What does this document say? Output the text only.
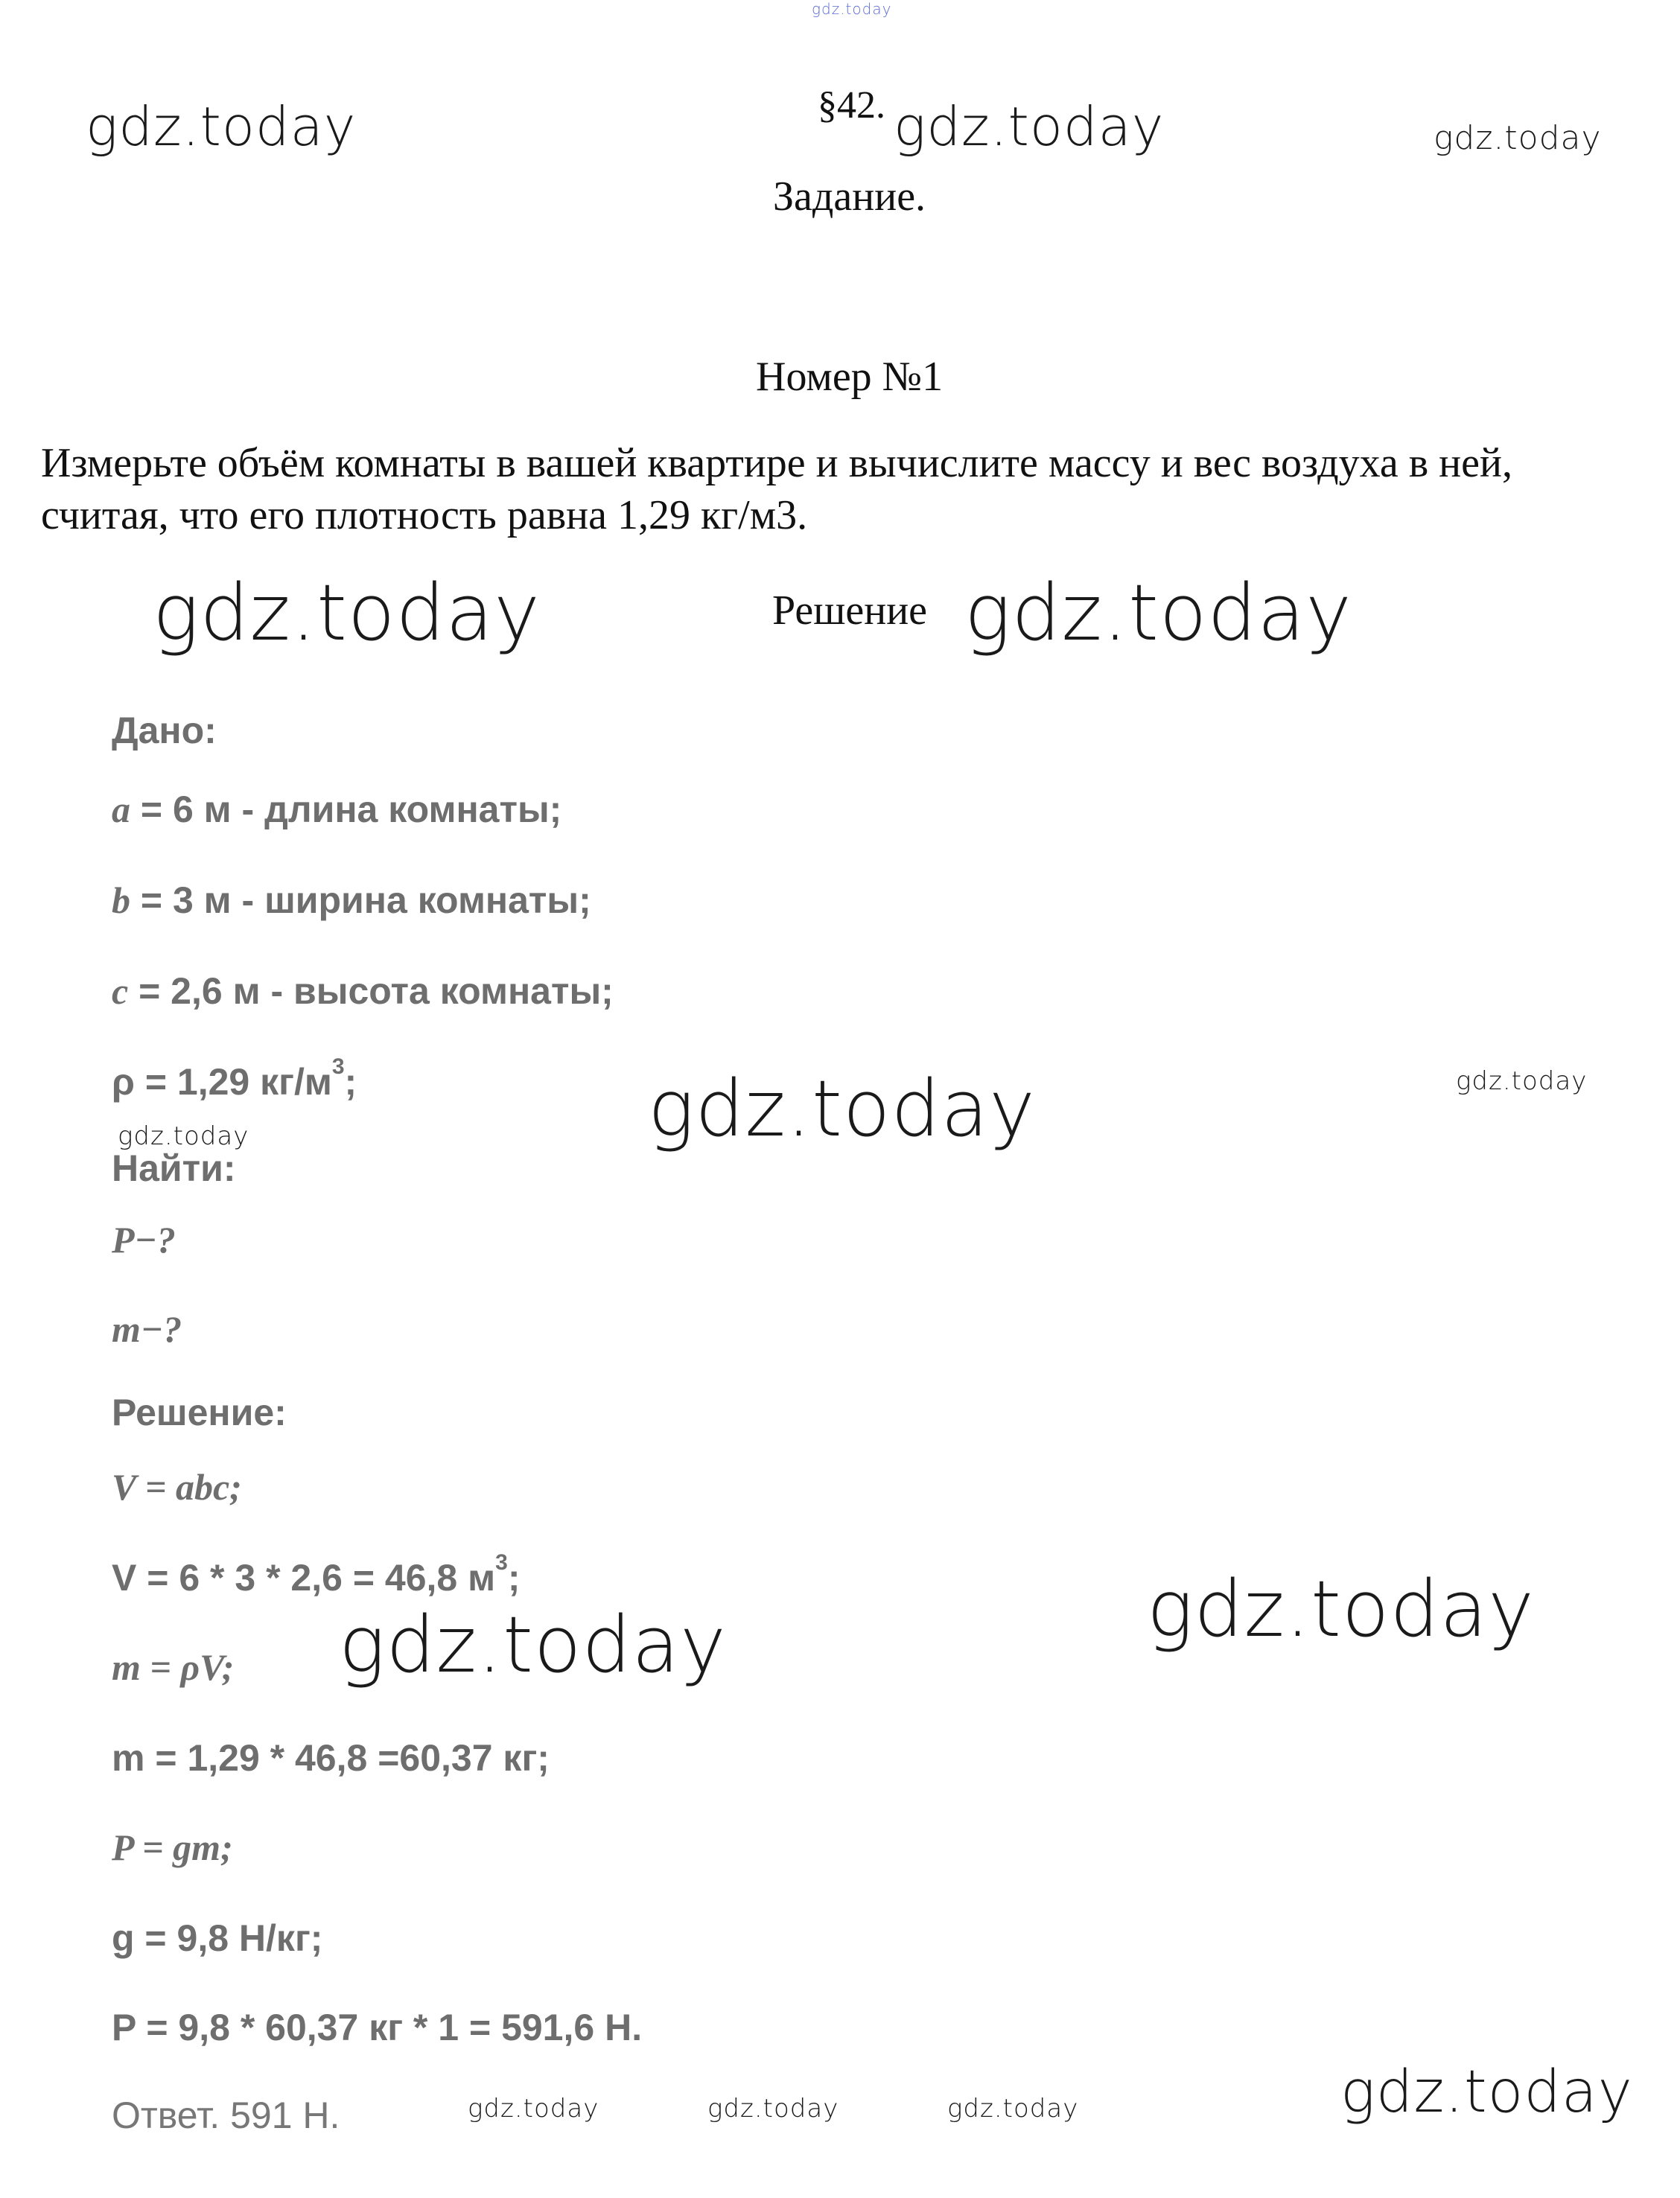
gdz.today
gdz.today	gdz.today	gdz.today
gdz.today	gdz.today
gdz.today	gdz.today
gdz.today
gdz.today
gdz.today
gdz.today
gdz.today	gdz.today	gdz.today
§42.
Задание.
Номер №1
Измерьте объём комнаты в вашей квартире и вычислите массу и вес воздуха в ней,
считая, что его плотность равна 1,29 кг/м3.
Решение
Дано:
a = 6 м - длина комнаты;
b = 3 м - ширина комнаты;
c = 2,6 м - высота комнаты;
ρ = 1,29 $кг/м^3$;
Найти:
P−?
m−?
Решение:
V = abc;
V = 6 * 3 * 2,6 = 46,8 $м^3$;
m = ρV;
m = 1,29 * 46,8 =60,37 кг;
P = gm;
g = 9,8 Н/кг;
P = 9,8 * 60,37 кг * 1 = 591,6 Н.
Ответ. 591 Н.
